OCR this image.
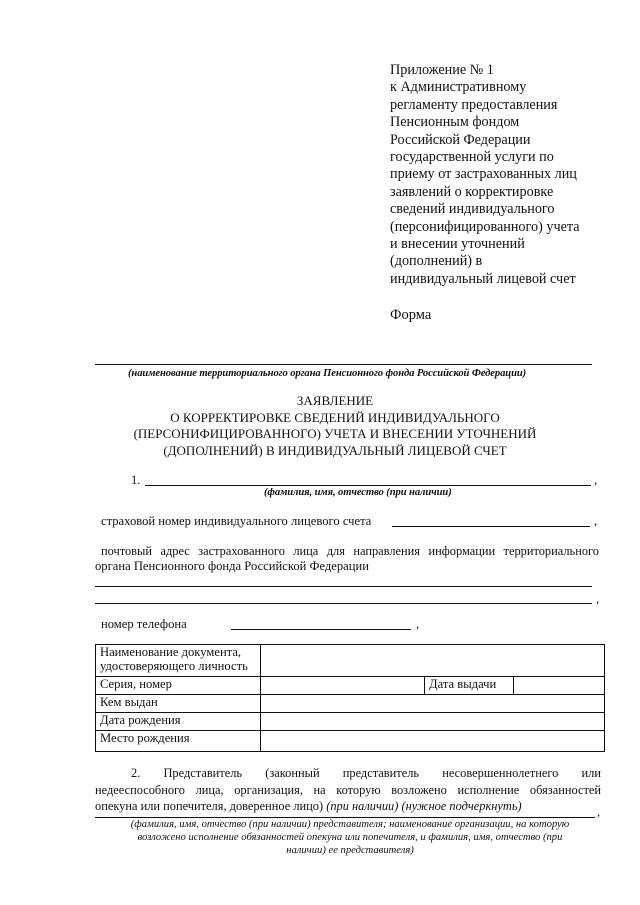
Приложение № 1
к Административному
регламенту предоставления
Пенсионным фондом
Российской Федерации
государственной услуги по
приему от застрахованных лиц
заявлений о корректировке
сведений индивидуального
(персонифицированного) учета
и внесении уточнений
(дополнений) в
индивидуальный лицевой счет
Форма
(наименование территориального органа Пенсионного фонда Российской Федерации)
ЗАЯВЛЕНИЕ
О КОРРЕКТИРОВКЕ СВЕДЕНИЙ ИНДИВИДУАЛЬНОГО
(ПЕРСОНИФИЦИРОВАННОГО) УЧЕТА И ВНЕСЕНИИ УТОЧНЕНИЙ
(ДОПОЛНЕНИЙ) В ИНДИВИДУАЛЬНЫЙ ЛИЦЕВОЙ СЧЕТ
1.	,
(фамилия, имя, отчество (при наличии)
страховой номер индивидуального лицевого счета	,
почтовый адрес застрахованного лица для направления информации территориального
органа Пенсионного фонда Российской Федерации
,
номер телефона	,
Наименование документа,
удостоверяющего личность			

Серия, номер		Дата выдачи	
Кем выдан			
Дата рождения			
Место рождения			
2. Представитель (законный представитель несовершеннолетнего или
недееспособного лица, организация, на которую возложено исполнение обязанностей
опекуна или попечителя, доверенное лицо) (при наличии) (нужное подчеркнуть)	,
(фамилия, имя, отчество (при наличии) представителя; наименование организации, на которую
возложено исполнение обязанностей опекуна или попечителя, и фамилия, имя, отчество (при
наличии) ее представителя)
